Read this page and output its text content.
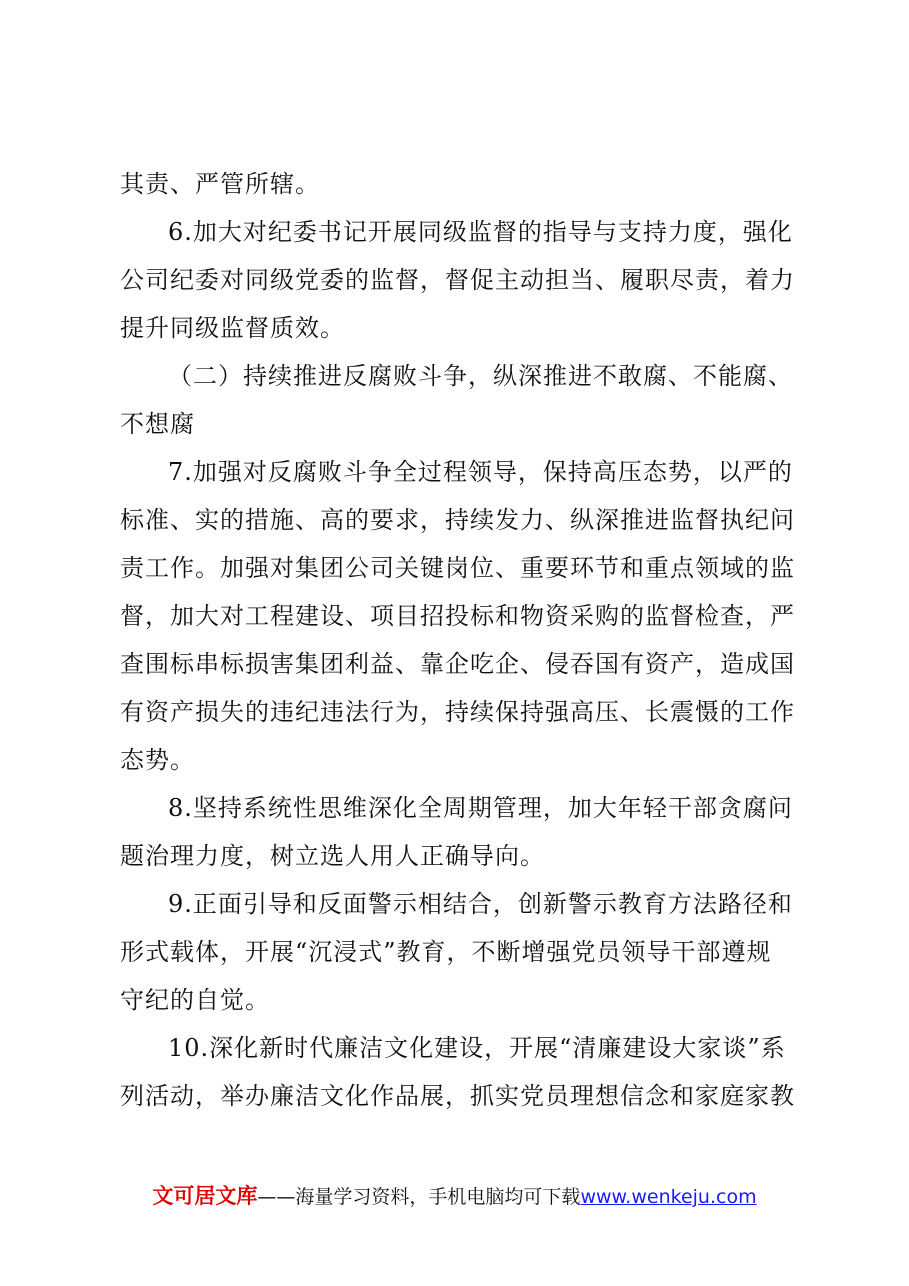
其责、严管所辖。

6.加大对纪委书记开展同级监督的指导与支持力度，强化
公司纪委对同级党委的监督，督促主动担当、履职尽责，着力
提升同级监督质效。

（二）持续推进反腐败斗争，纵深推进不敢腐、不能腐、
不想腐

7.加强对反腐败斗争全过程领导，保持高压态势，以严的
标准、实的措施、高的要求，持续发力、纵深推进监督执纪问
责工作。加强对集团公司关键岗位、重要环节和重点领域的监
督，加大对工程建设、项目招投标和物资采购的监督检查，严
查围标串标损害集团利益、靠企吃企、侵吞国有资产，造成国
有资产损失的违纪违法行为，持续保持强高压、长震慑的工作
态势。

8.坚持系统性思维深化全周期管理，加大年轻干部贪腐问
题治理力度，树立选人用人正确导向。

9.正面引导和反面警示相结合，创新警示教育方法路径和
形式载体，开展“沉浸式”教育，不断增强党员领导干部遵规
守纪的自觉。

10.深化新时代廉洁文化建设，开展“清廉建设大家谈”系
列活动，举办廉洁文化作品展，抓实党员理想信念和家庭家教

文可居文库——海量学习资料，手机电脑均可下载www.wenkeju.com
